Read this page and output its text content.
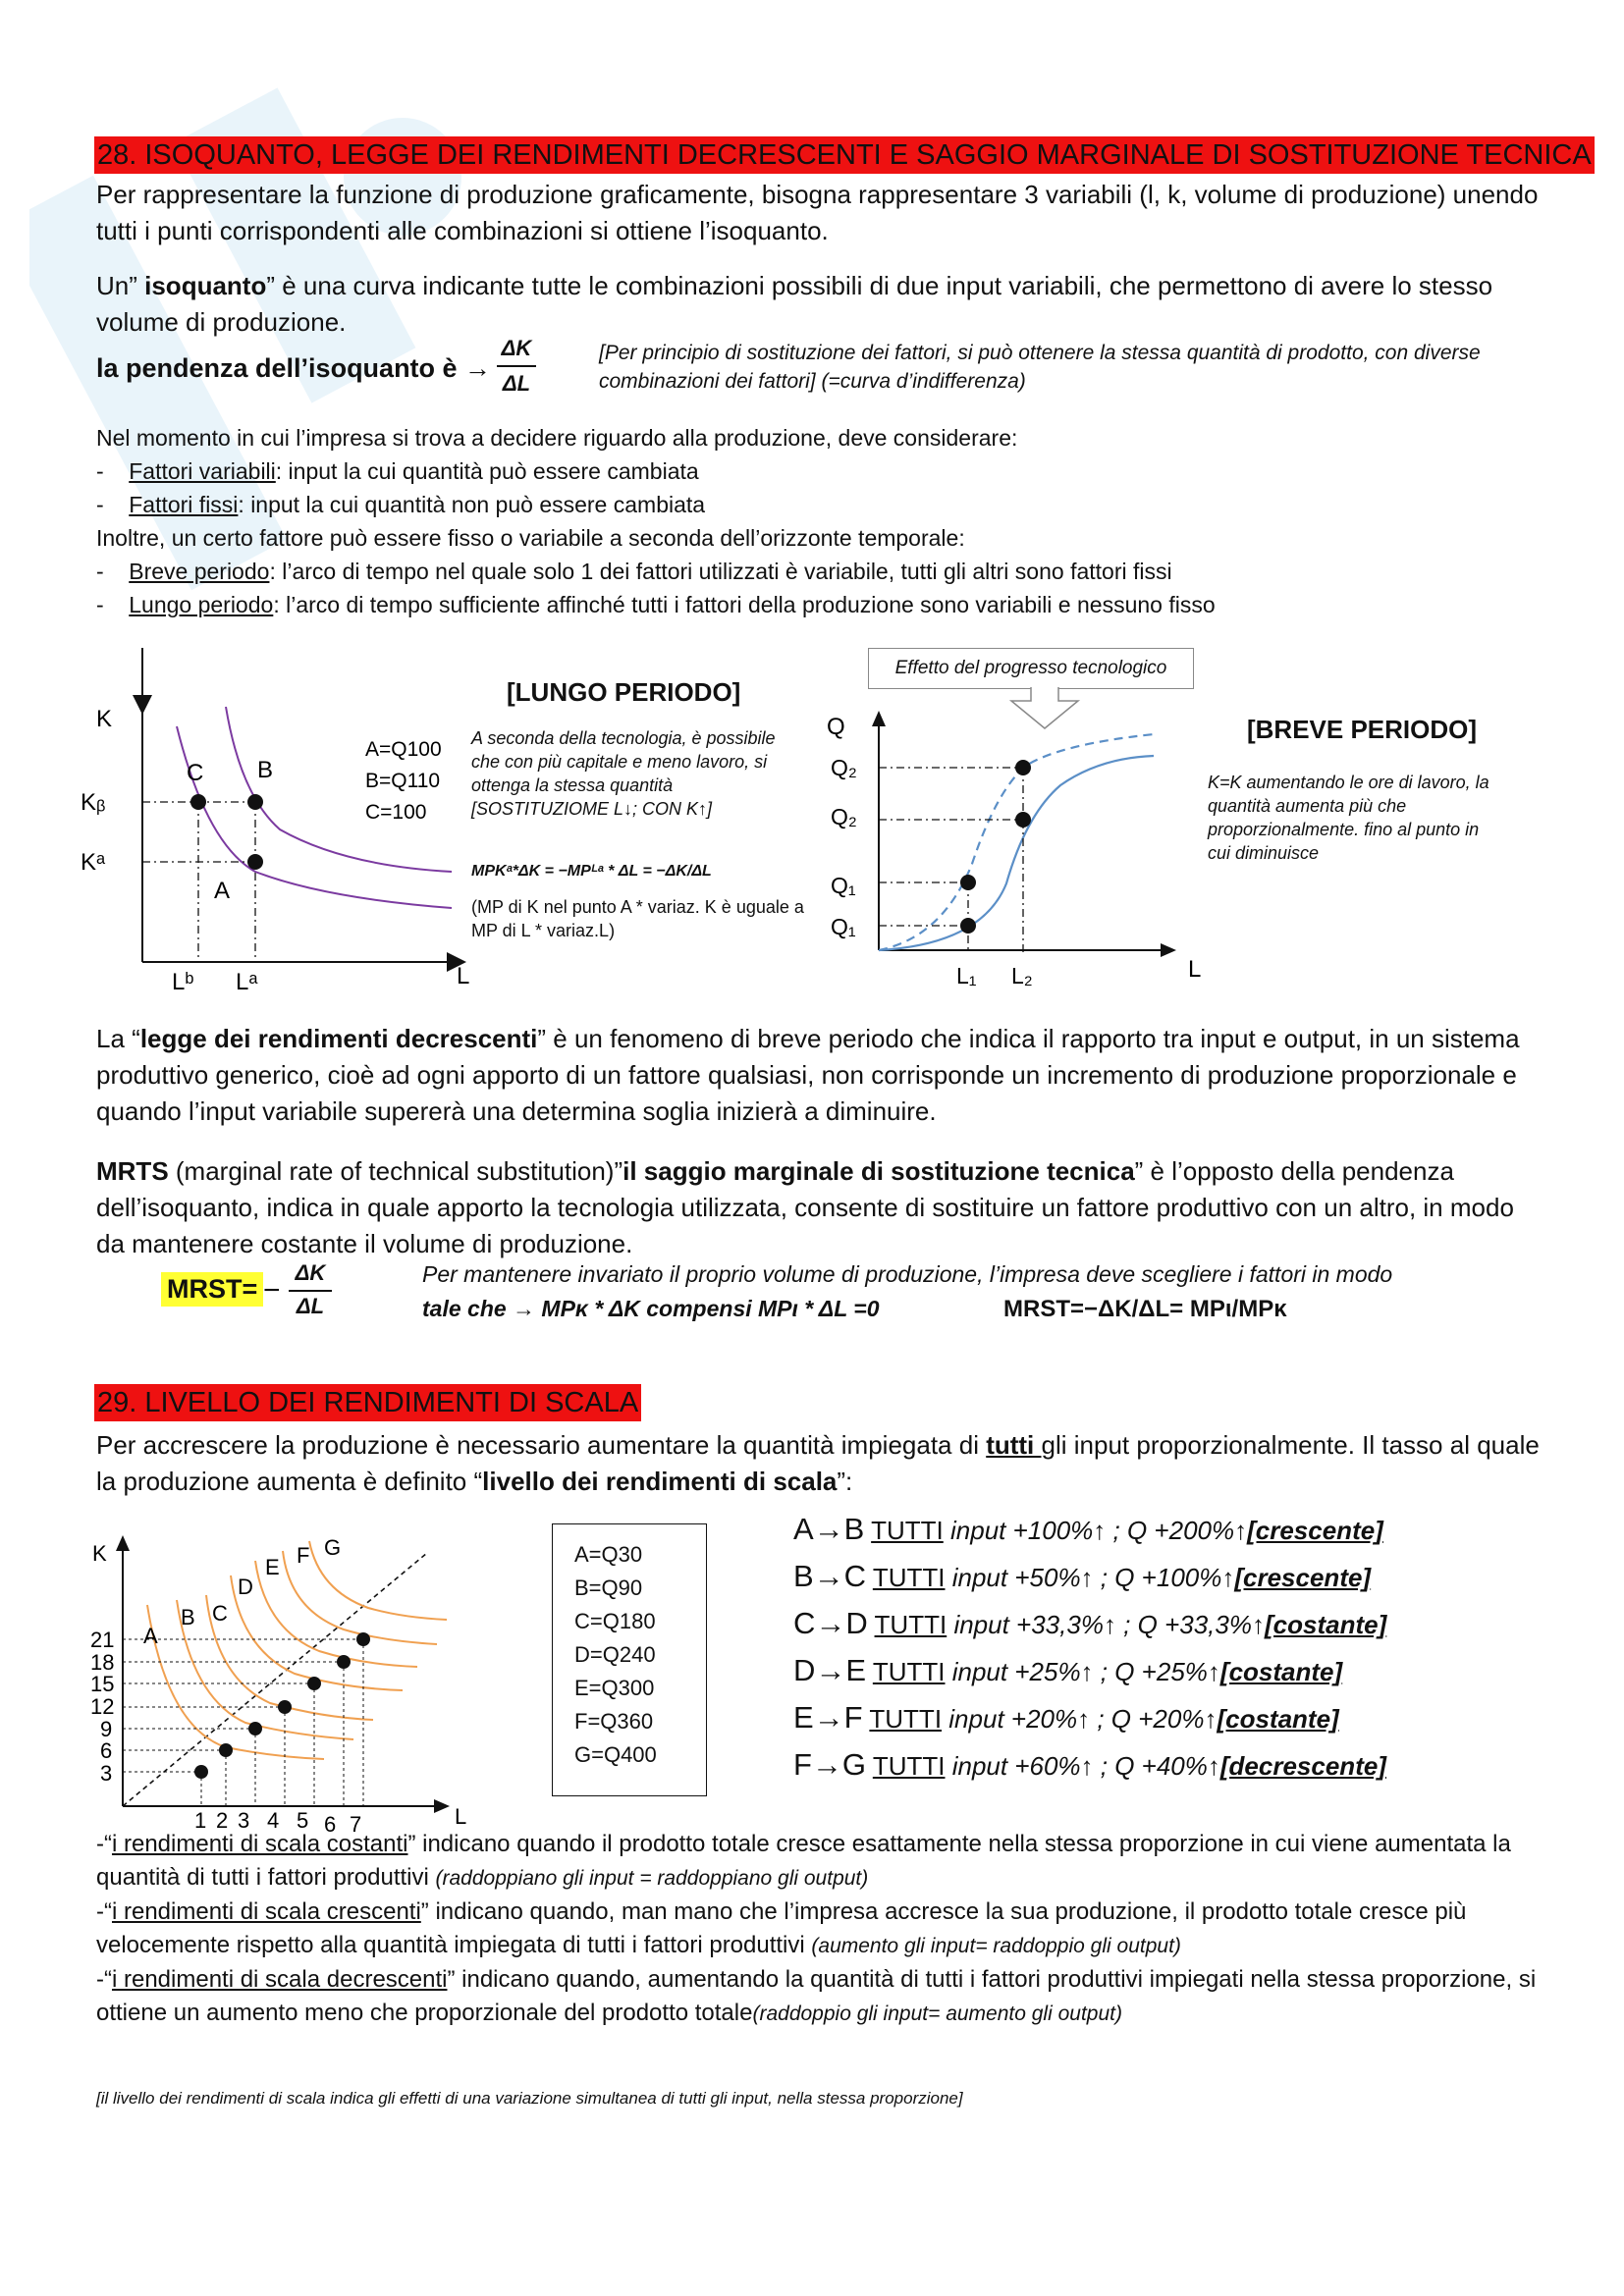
28. ISOQUANTO, LEGGE DEI RENDIMENTI DECRESCENTI E SAGGIO MARGINALE DI SOSTITUZIONE TECNICA
Per rappresentare la funzione di produzione graficamente, bisogna rappresentare 3 variabili (l, k, volume di produzione) unendo tutti i punti corrispondenti alle combinazioni si ottiene l’isoquanto.
Un” isoquanto” è una curva indicante tutte le combinazioni possibili di due input variabili, che permettono di avere lo stesso volume di produzione.
la pendenza dell’isoquanto è →
ΔK
ΔL
[Per principio di sostituzione dei fattori, si può ottenere la stessa quantità di prodotto, con diverse combinazioni dei fattori] (=curva d’indifferenza)
Nel momento in cui l’impresa si trova a decidere riguardo alla produzione, deve considerare:
- Fattori variabili: input la cui quantità può essere cambiata
- Fattori fissi: input la cui quantità non può essere cambiata
Inoltre, un certo fattore può essere fisso o variabile a seconda dell’orizzonte temporale:
- Breve periodo: l’arco di tempo nel quale solo 1 dei fattori utilizzati è variabile, tutti gli altri sono fattori fissi
- Lungo periodo: l’arco di tempo sufficiente affinché tutti i fattori della produzione sono variabili e nessuno fisso
K
L
Kᵦ
Kᵃ
Lᵇ Lᵃ
C B
A
A=Q100
B=Q110
C=100
[LUNGO PERIODO]
A seconda della tecnologia, è possibile che con più capitale e meno lavoro, si ottenga la stessa quantità [SOSTITUZIOME L↓; CON K↑]
MPKᵃ*ΔK = −MPᴸᵃ * ΔL = −ΔK/ΔL
(MP di K nel punto A * variaz. K è uguale a MP di L * variaz.L)
Effetto del progresso tecnologico
Q
L
Q₂
Q₂
Q₁
Q₁
L₁ L₂
[BREVE PERIODO]
K=K aumentando le ore di lavoro, la quantità aumenta più che proporzionalmente. fino al punto in cui diminuisce
La “legge dei rendimenti decrescenti” è un fenomeno di breve periodo che indica il rapporto tra input e output, in un sistema produttivo generico, cioè ad ogni apporto di un fattore qualsiasi, non corrisponde un incremento di produzione proporzionale e quando l’input variabile supererà una determina soglia inizierà a diminuire.
MRTS (marginal rate of technical substitution)”il saggio marginale di sostituzione tecnica” è l’opposto della pendenza dell’isoquanto, indica in quale apporto la tecnologia utilizzata, consente di sostituire un fattore produttivo con un altro, in modo da mantenere costante il volume di produzione.
MRST= −
ΔK
ΔL
Per mantenere invariato il proprio volume di produzione, l’impresa deve scegliere i fattori in modo
tale che → MPκ * ΔK compensi MPι * ΔL =0	MRST=−ΔK/ΔL= MPι/MPκ
29. LIVELLO DEI RENDIMENTI DI SCALA
Per accrescere la produzione è necessario aumentare la quantità impiegata di tutti gli input proporzionalmente. Il tasso al quale la produzione aumenta è definito “livello dei rendimenti di scala”:
K
L
21
18
15
12
9
6
3
1 2 3 4 5 6 7
A
B C
D
E F G	A=Q30
B=Q90
C=Q180
D=Q240
E=Q300
F=Q360
G=Q400
A→B TUTTI input +100%↑ ; Q +200%↑[crescente]
B→C TUTTI input +50%↑ ; Q +100%↑[crescente]
C→D TUTTI input +33,3%↑ ; Q +33,3%↑[costante]
D→E TUTTI input +25%↑ ; Q +25%↑[costante]
E→F TUTTI input +20%↑ ; Q +20%↑[costante]
F→G TUTTI input +60%↑ ; Q +40%↑[decrescente]
-“i rendimenti di scala costanti” indicano quando il prodotto totale cresce esattamente nella stessa proporzione in cui viene aumentata la quantità di tutti i fattori produttivi (raddoppiano gli input = raddoppiano gli output)
-“i rendimenti di scala crescenti” indicano quando, man mano che l’impresa accresce la sua produzione, il prodotto totale cresce più velocemente rispetto alla quantità impiegata di tutti i fattori produttivi (aumento gli input= raddoppio gli output)
-“i rendimenti di scala decrescenti” indicano quando, aumentando la quantità di tutti i fattori produttivi impiegati nella stessa proporzione, si ottiene un aumento meno che proporzionale del prodotto totale(raddoppio gli input= aumento gli output)
[il livello dei rendimenti di scala indica gli effetti di una variazione simultanea di tutti gli input, nella stessa proporzione]
